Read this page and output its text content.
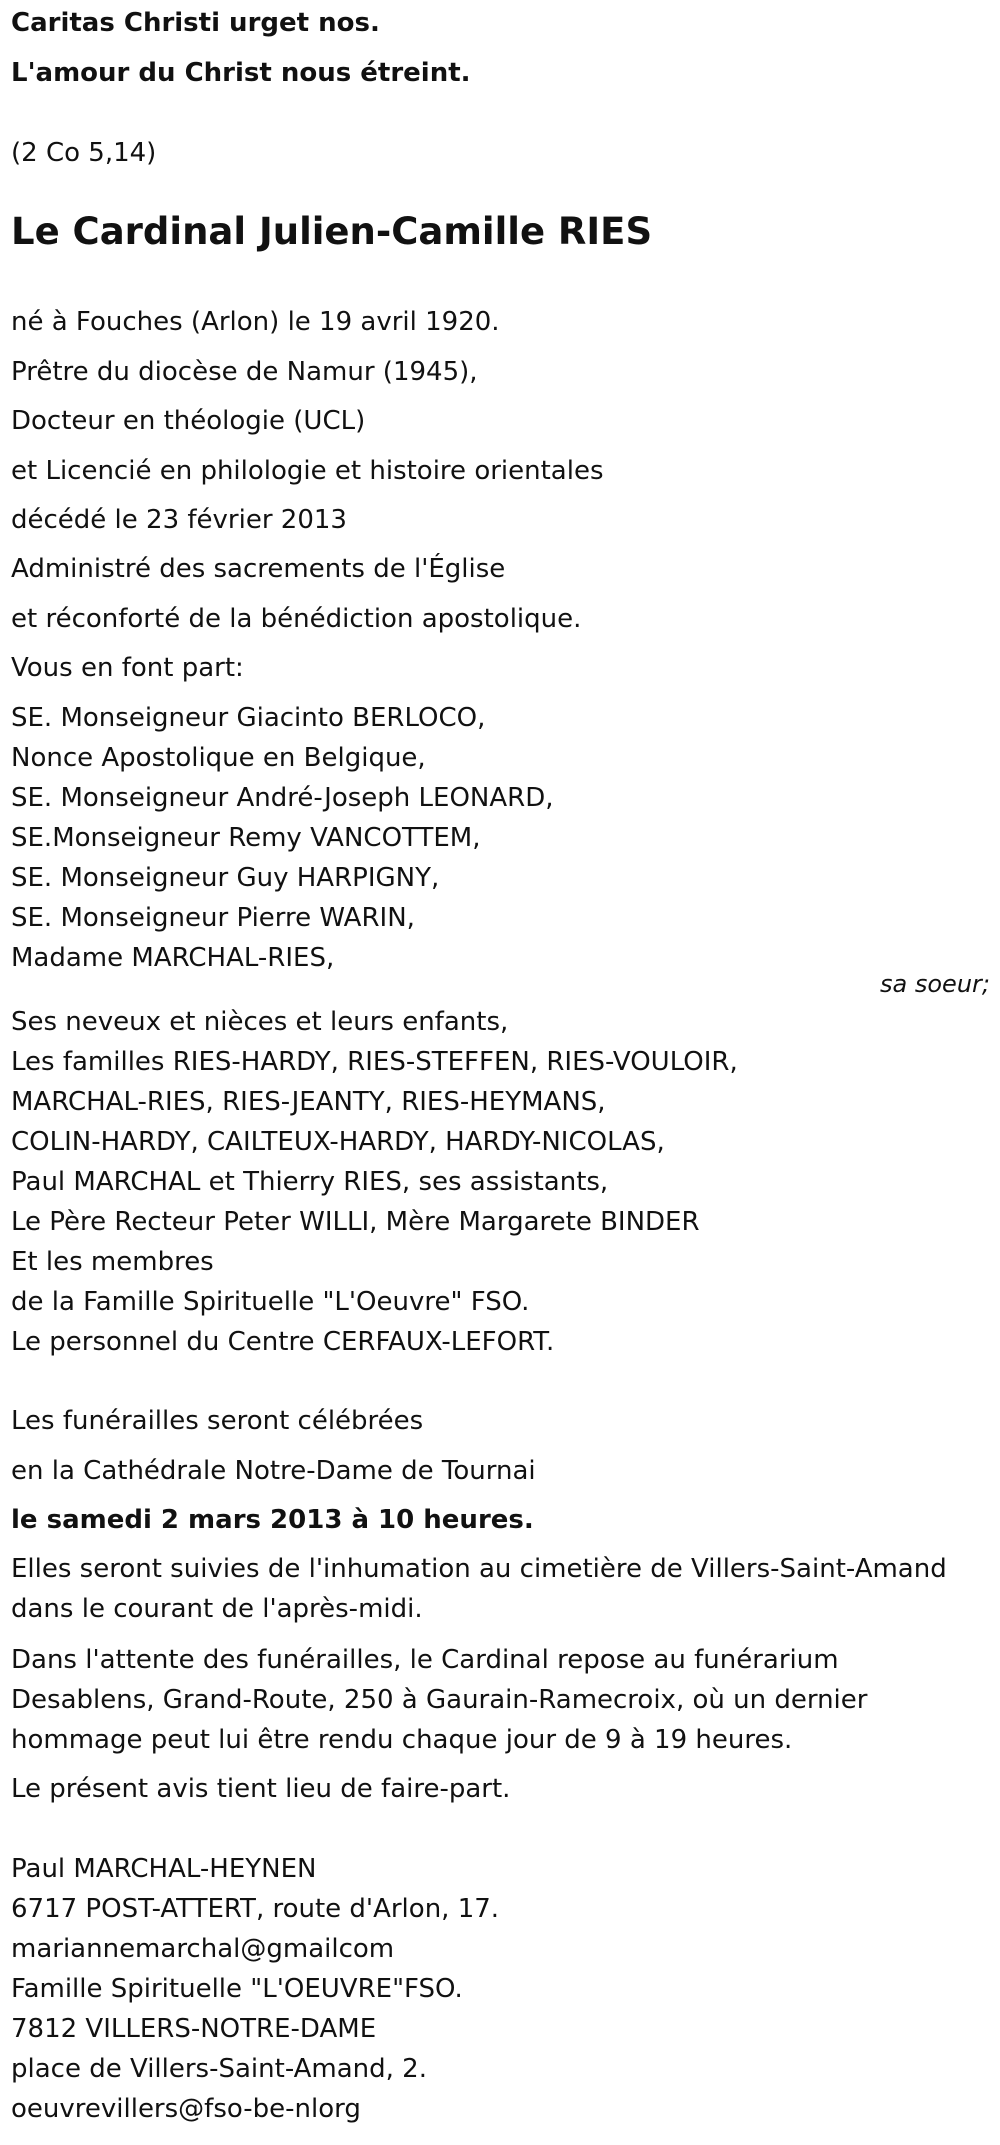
Caritas Christi urget nos.
L'amour du Christ nous étreint.
(2 Co 5,14)
Le Cardinal Julien-Camille RIES
né à Fouches (Arlon) le 19 avril 1920.
Prêtre du diocèse de Namur (1945),
Docteur en théologie (UCL)
et Licencié en philologie et histoire orientales
décédé le 23 février 2013
Administré des sacrements de l'Église
et réconforté de la bénédiction apostolique.
Vous en font part:
SE. Monseigneur Giacinto BERLOCO,
Nonce Apostolique en Belgique,
SE. Monseigneur André-Joseph LEONARD,
SE.Monseigneur Remy VANCOTTEM,
SE. Monseigneur Guy HARPIGNY,
SE. Monseigneur Pierre WARIN,
Madame MARCHAL-RIES,
sa soeur;
Ses neveux et nièces et leurs enfants,
Les familles RIES-HARDY, RIES-STEFFEN, RIES-VOULOIR,
MARCHAL-RIES, RIES-JEANTY, RIES-HEYMANS,
COLIN-HARDY, CAILTEUX-HARDY, HARDY-NICOLAS,
Paul MARCHAL et Thierry RIES, ses assistants,
Le Père Recteur Peter WILLI, Mère Margarete BINDER
Et les membres
de la Famille Spirituelle "L'Oeuvre" FSO.
Le personnel du Centre CERFAUX-LEFORT.
Les funérailles seront célébrées
en la Cathédrale Notre-Dame de Tournai
le samedi 2 mars 2013 à 10 heures.
Elles seront suivies de l'inhumation au cimetière de Villers-Saint-Amand
dans le courant de l'après-midi.
Dans l'attente des funérailles, le Cardinal repose au funérarium
Desablens, Grand-Route, 250 à Gaurain-Ramecroix, où un dernier
hommage peut lui être rendu chaque jour de 9 à 19 heures.
Le présent avis tient lieu de faire-part.
Paul MARCHAL-HEYNEN
6717 POST-ATTERT, route d'Arlon, 17.
mariannemarchal@gmailcom
Famille Spirituelle "L'OEUVRE"FSO.
7812 VILLERS-NOTRE-DAME
place de Villers-Saint-Amand, 2.
oeuvrevillers@fso-be-nlorg
